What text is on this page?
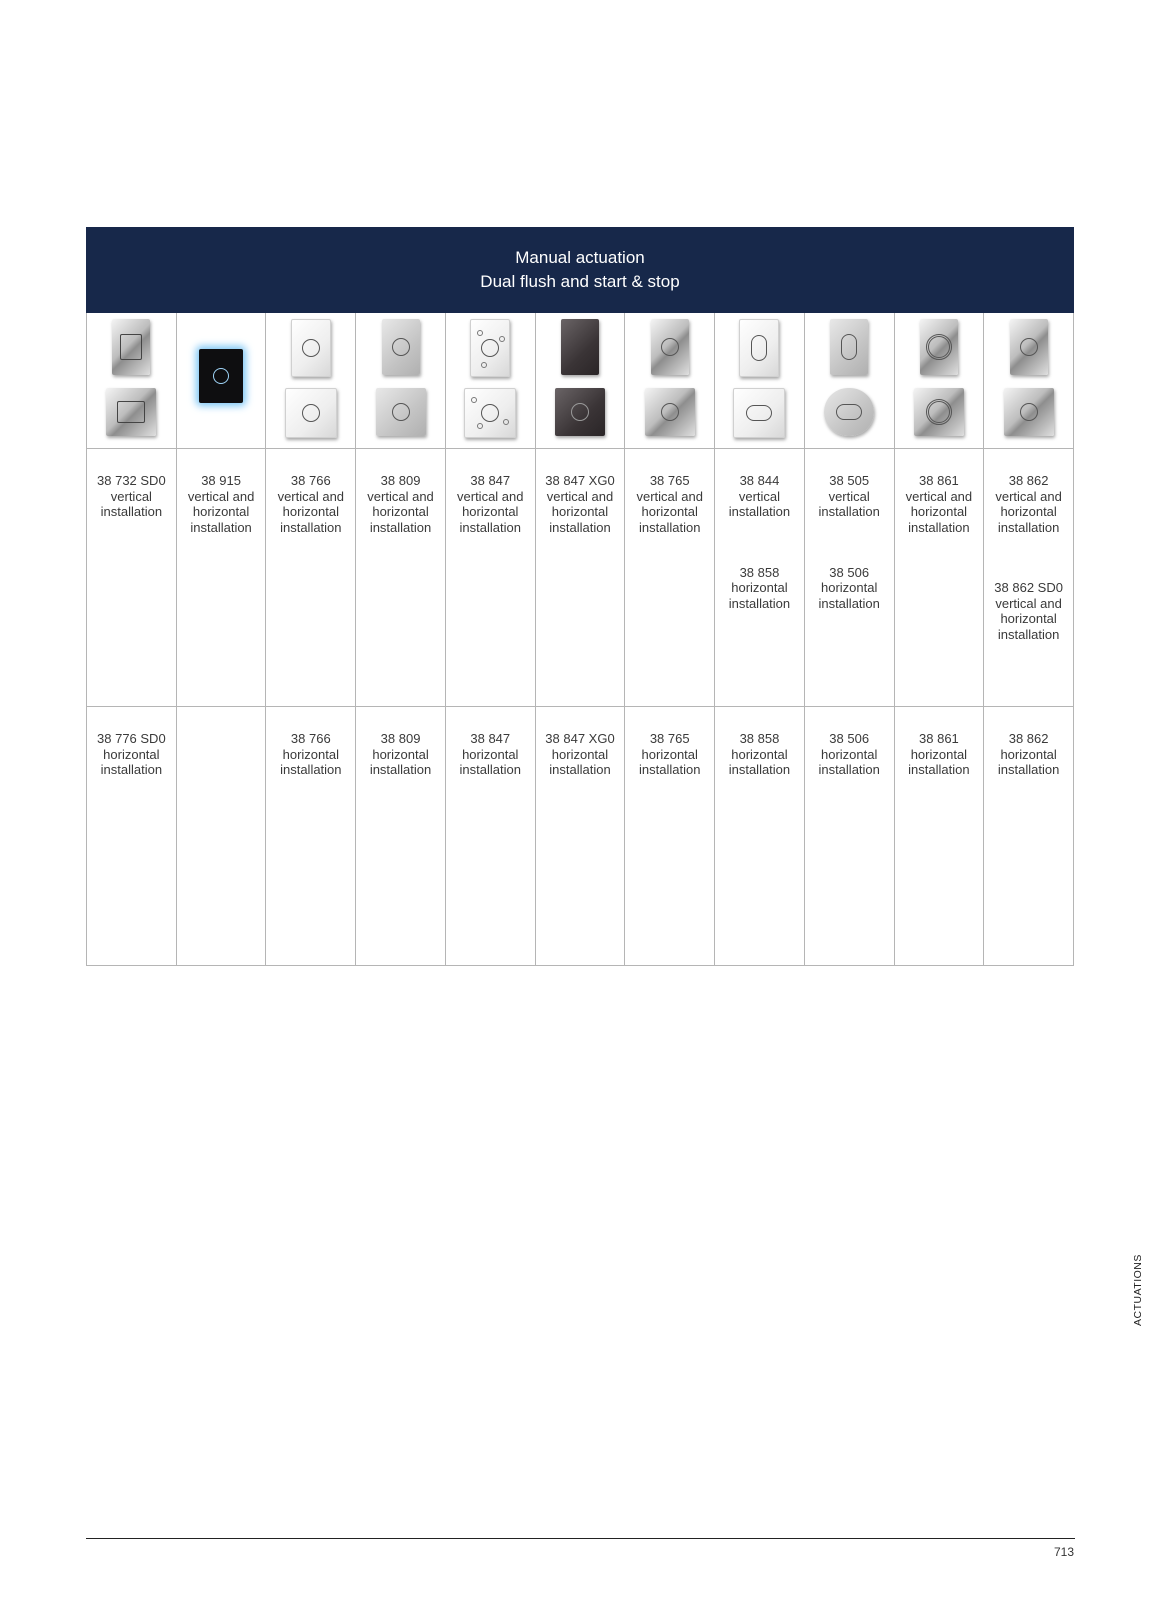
Manual actuation
Dual flush and start & stop
38 732 SD0
vertical
installation
38 915
vertical and
horizontal
installation
38 766
vertical and
horizontal
installation
38 809
vertical and
horizontal
installation
38 847
vertical and
horizontal
installation
38 847 XG0
vertical and
horizontal
installation
38 765
vertical and
horizontal
installation
38 844
vertical
installation
38 858
horizontal
installation
38 505
vertical
installation
38 506
horizontal
installation
38 861
vertical and
horizontal
installation
38 862
vertical and
horizontal
installation
38 862 SD0
vertical and
horizontal
installation
38 776 SD0
horizontal
installation
38 766
horizontal
installation
38 809
horizontal
installation
38 847
horizontal
installation
38 847 XG0
horizontal
installation
38 765
horizontal
installation
38 858
horizontal
installation
38 506
horizontal
installation
38 861
horizontal
installation
38 862
horizontal
installation
ACTUATIONS
713
